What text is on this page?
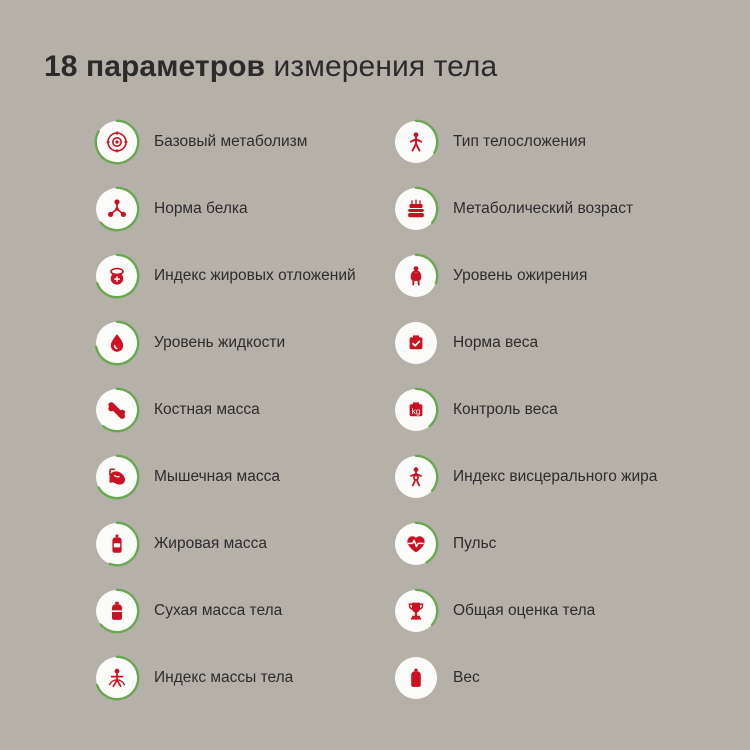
18 параметров измерения тела
Базовый метаболизм
Норма белка
Индекс жировых отложений
Уровень жидкости
Костная масса
Мышечная масса
Жировая масса
Сухая масса тела
Индекс массы тела
Тип телосложения
Метаболический возраст
Уровень ожирения
Норма веса
kg Контроль веса
Индекс висцерального жира
Пульс
Общая оценка тела
Вес
